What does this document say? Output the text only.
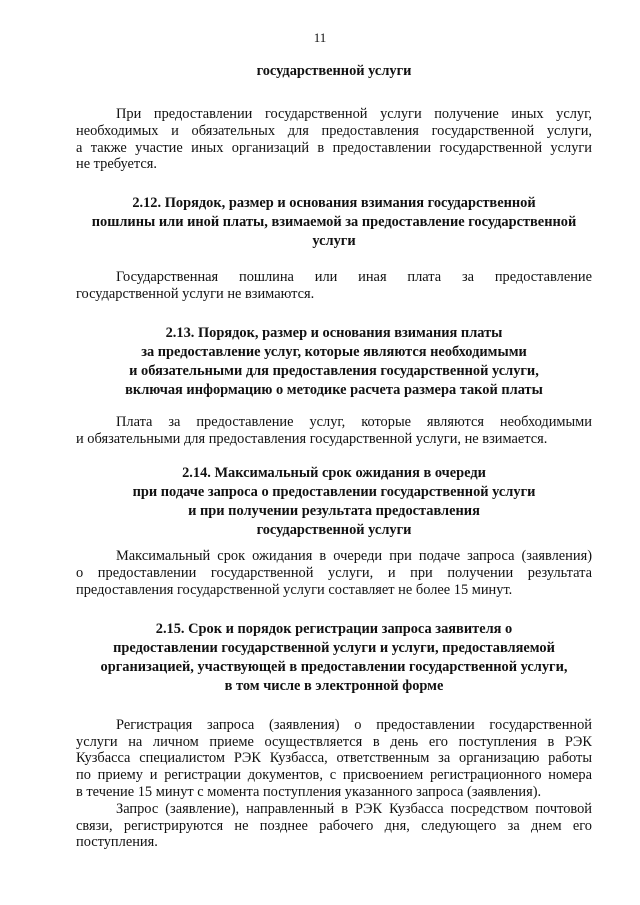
11
государственной услуги
При предоставлении государственной услуги получение иных услуг,
необходимых и обязательных для предоставления государственной услуги,
а также участие иных организаций в предоставлении государственной услуги
не требуется.
2.12. Порядок, размер и основания взимания государственной
пошлины или иной платы, взимаемой за предоставление государственной
услуги
Государственная пошлина или иная плата за предоставление
государственной услуги не взимаются.
2.13. Порядок, размер и основания взимания платы
за предоставление услуг, которые являются необходимыми
и обязательными для предоставления государственной услуги,
включая информацию о методике расчета размера такой платы
Плата за предоставление услуг, которые являются необходимыми
и обязательными для предоставления государственной услуги, не взимается.
2.14. Максимальный срок ожидания в очереди
при подаче запроса о предоставлении государственной услуги
и при получении результата предоставления
государственной услуги
Максимальный срок ожидания в очереди при подаче запроса (заявления)
о предоставлении государственной услуги, и при получении результата
предоставления государственной услуги составляет не более 15 минут.
2.15. Срок и порядок регистрации запроса заявителя о
предоставлении государственной услуги и услуги, предоставляемой
организацией, участвующей в предоставлении государственной услуги,
в том числе в электронной форме
Регистрация запроса (заявления) о предоставлении государственной
услуги на личном приеме осуществляется в день его поступления в РЭК
Кузбасса специалистом РЭК Кузбасса, ответственным за организацию работы
по приему и регистрации документов, с присвоением регистрационного номера
в течение 15 минут с момента поступления указанного запроса (заявления).
Запрос (заявление), направленный в РЭК Кузбасса посредством почтовой
связи, регистрируются не позднее рабочего дня, следующего за днем его
поступления.
